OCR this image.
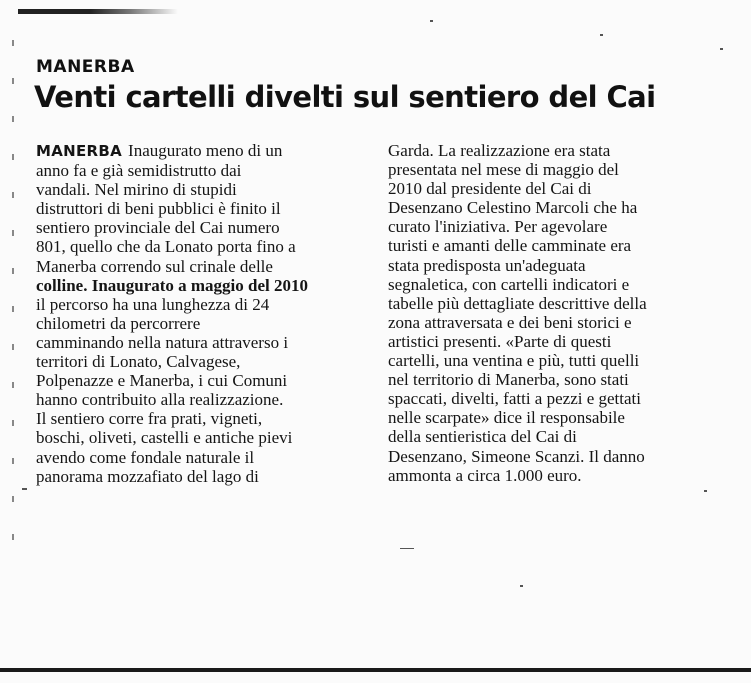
MANERBA
Venti cartelli divelti sul sentiero del Cai
MANERBA Inaugurato meno di un
anno fa e già semidistrutto dai
vandali. Nel mirino di stupidi
distruttori di beni pubblici è finito il
sentiero provinciale del Cai numero
801, quello che da Lonato porta fino a
Manerba correndo sul crinale delle
colline. Inaugurato a maggio del 2010
il percorso ha una lunghezza di 24
chilometri da percorrere
camminando nella natura attraverso i
territori di Lonato, Calvagese,
Polpenazze e Manerba, i cui Comuni
hanno contribuito alla realizzazione.
Il sentiero corre fra prati, vigneti,
boschi, oliveti, castelli e antiche pievi
avendo come fondale naturale il
panorama mozzafiato del lago di
Garda. La realizzazione era stata
presentata nel mese di maggio del
2010 dal presidente del Cai di
Desenzano Celestino Marcoli che ha
curato l'iniziativa. Per agevolare
turisti e amanti delle camminate era
stata predisposta un'adeguata
segnaletica, con cartelli indicatori e
tabelle più dettagliate descrittive della
zona attraversata e dei beni storici e
artistici presenti. «Parte di questi
cartelli, una ventina e più, tutti quelli
nel territorio di Manerba, sono stati
spaccati, divelti, fatti a pezzi e gettati
nelle scarpate» dice il responsabile
della sentieristica del Cai di
Desenzano, Simeone Scanzi. Il danno
ammonta a circa 1.000 euro.
